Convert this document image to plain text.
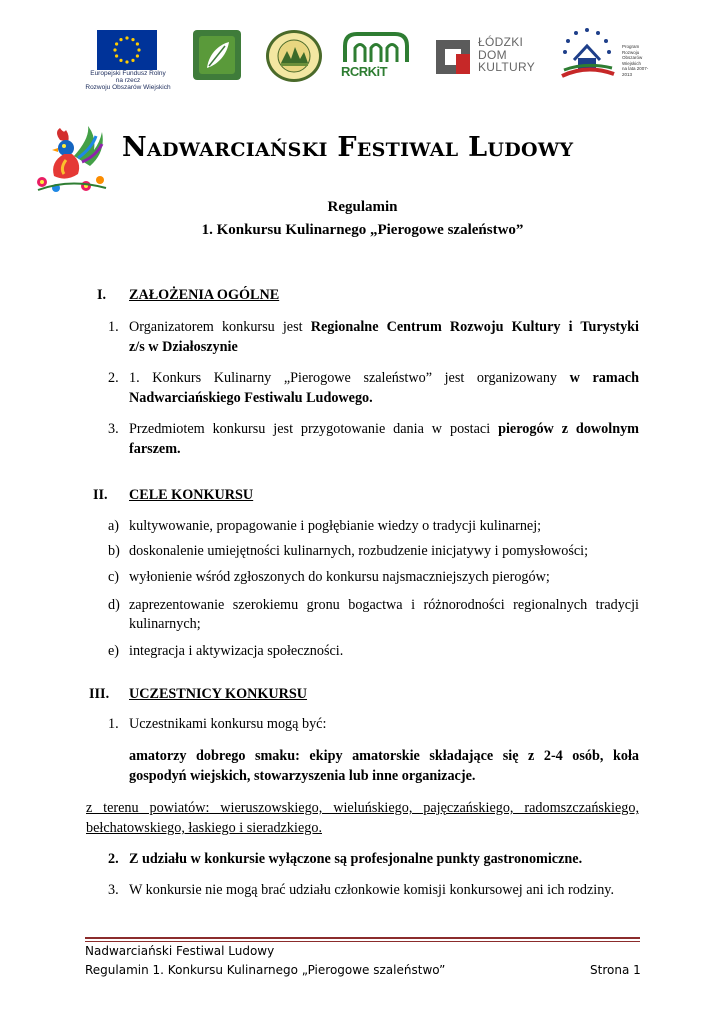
Europejski Fundusz Rolny
na rzecz
Rozwoju Obszarów Wiejskich
RCRKiT
ŁÓDZKI
DOM
KULTURY
Program
Rozwoju
Obszarów
Wiejskich
na lata 2007-2013
Nadwarciański Festiwal Ludowy
Regulamin
1. Konkursu Kulinarnego „Pierogowe szaleństwo”
I. ZAŁOŻENIA OGÓLNE
1. Organizatorem konkursu jest Regionalne Centrum Rozwoju Kultury i Turystyki
z/s w Działoszynie
2. 1. Konkurs Kulinarny „Pierogowe szaleństwo” jest organizowany w ramach
Nadwarciańskiego Festiwalu Ludowego.
3. Przedmiotem konkursu jest przygotowanie dania w postaci pierogów z dowolnym
farszem.
II. CELE KONKURSU
a) kultywowanie, propagowanie i pogłębianie wiedzy o tradycji kulinarnej;
b) doskonalenie umiejętności kulinarnych, rozbudzenie inicjatywy i pomysłowości;
c) wyłonienie wśród zgłoszonych do konkursu najsmaczniejszych pierogów;
d) zaprezentowanie szerokiemu gronu bogactwa i różnorodności regionalnych tradycji
kulinarnych;
e) integracja i aktywizacja społeczności.
III. UCZESTNICY KONKURSU
1. Uczestnikami konkursu mogą być:
amatorzy dobrego smaku: ekipy amatorskie składające się z 2-4 osób, koła
gospodyń wiejskich, stowarzyszenia lub inne organizacje.
z terenu powiatów: wieruszowskiego, wieluńskiego, pajęczańskiego, radomszczańskiego,
bełchatowskiego, łaskiego i sieradzkiego.
2. Z udziału w konkursie wyłączone są profesjonalne punkty gastronomiczne.
3. W konkursie nie mogą brać udziału członkowie komisji konkursowej ani ich rodziny.
Nadwarciański Festiwal Ludowy
Regulamin 1. Konkursu Kulinarnego „Pierogowe szaleństwo”	Strona 1
